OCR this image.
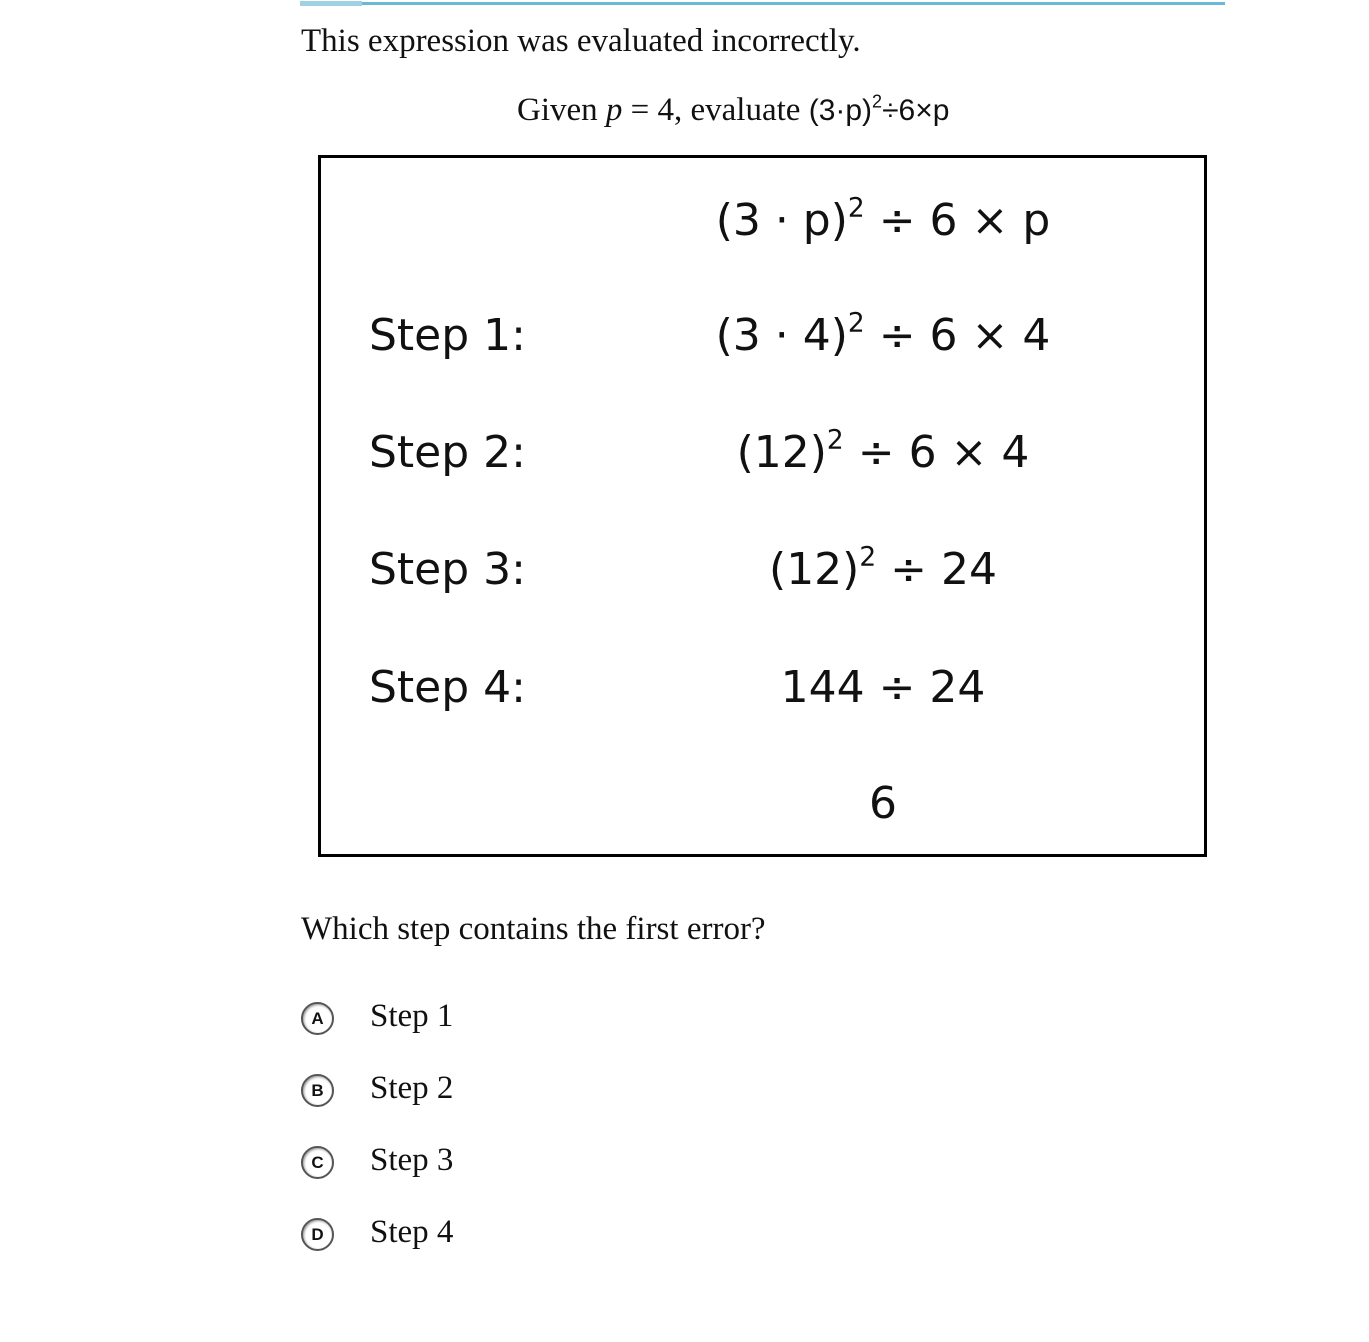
This expression was evaluated incorrectly.
Given p = 4, evaluate $(3\cdot p)^2\div 6\times p$
$(3 \cdot p)^2 \div 6 \times p$
Step 1:	$(3 \cdot 4)^2 \div 6 \times 4$
Step 2:	$(12)^2 \div 6 \times 4$
Step 3:	$(12)^2 \div 24$
Step 4:	144 ÷ 24
6
Which step contains the first error?
A	Step 1
B	Step 2
C	Step 3
D	Step 4
